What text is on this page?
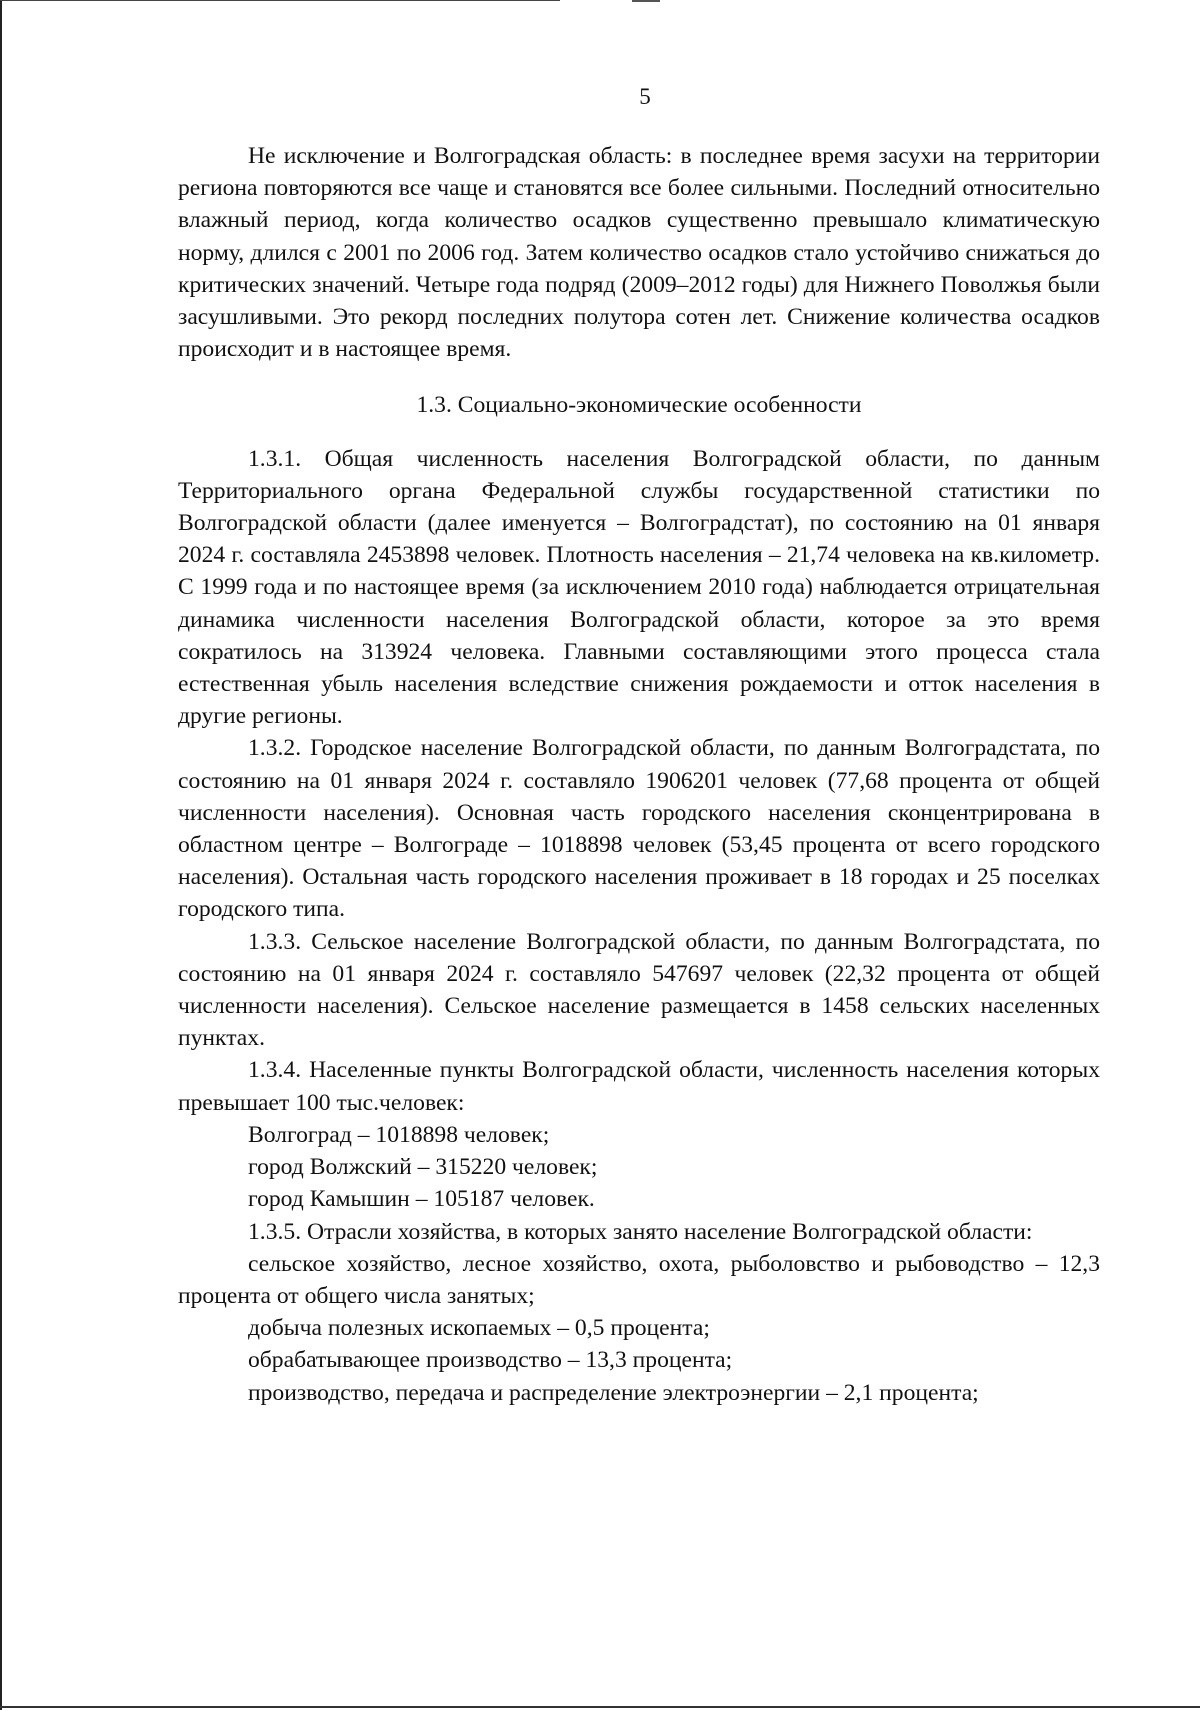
5

Не исключение и Волгоградская область: в последнее время засухи на территории региона повторяются все чаще и становятся все более сильными. Последний относительно влажный период, когда количество осадков существенно превышало климатическую норму, длился с 2001 по 2006 год. Затем количество осадков стало устойчиво снижаться до критических значений. Четыре года подряд (2009–2012 годы) для Нижнего Поволжья были засушливыми. Это рекорд последних полутора сотен лет. Снижение количества осадков происходит и в настоящее время.

1.3. Социально-экономические особенности

1.3.1. Общая численность населения Волгоградской области, по данным Территориального органа Федеральной службы государственной статистики по Волгоградской области (далее именуется – Волгоградстат), по состоянию на 01 января 2024 г. составляла 2453898 человек. Плотность населения – 21,74 человека на кв.километр. С 1999 года и по настоящее время (за исключением 2010 года) наблюдается отрицательная динамика численности населения Волгоградской области, которое за это время сократилось на 313924 человека. Главными составляющими этого процесса стала естественная убыль населения вследствие снижения рождаемости и отток населения в другие регионы.

1.3.2. Городское население Волгоградской области, по данным Волгоградстата, по состоянию на 01 января 2024 г. составляло 1906201 человек (77,68 процента от общей численности населения). Основная часть городского населения сконцентрирована в областном центре – Волгограде – 1018898 человек (53,45 процента от всего городского населения). Остальная часть городского населения проживает в 18 городах и 25 поселках городского типа.

1.3.3. Сельское население Волгоградской области, по данным Волгоградстата, по состоянию на 01 января 2024 г. составляло 547697 человек (22,32 процента от общей численности населения). Сельское население размещается в 1458 сельских населенных пунктах.

1.3.4. Населенные пункты Волгоградской области, численность населения которых превышает 100 тыс.человек:

Волгоград – 1018898 человек;

город Волжский – 315220 человек;

город Камышин – 105187 человек.

1.3.5. Отрасли хозяйства, в которых занято население Волгоградской области:

сельское хозяйство, лесное хозяйство, охота, рыболовство и рыбоводство – 12,3 процента от общего числа занятых;

добыча полезных ископаемых – 0,5 процента;

обрабатывающее производство – 13,3 процента;

производство, передача и распределение электроэнергии – 2,1 процента;
